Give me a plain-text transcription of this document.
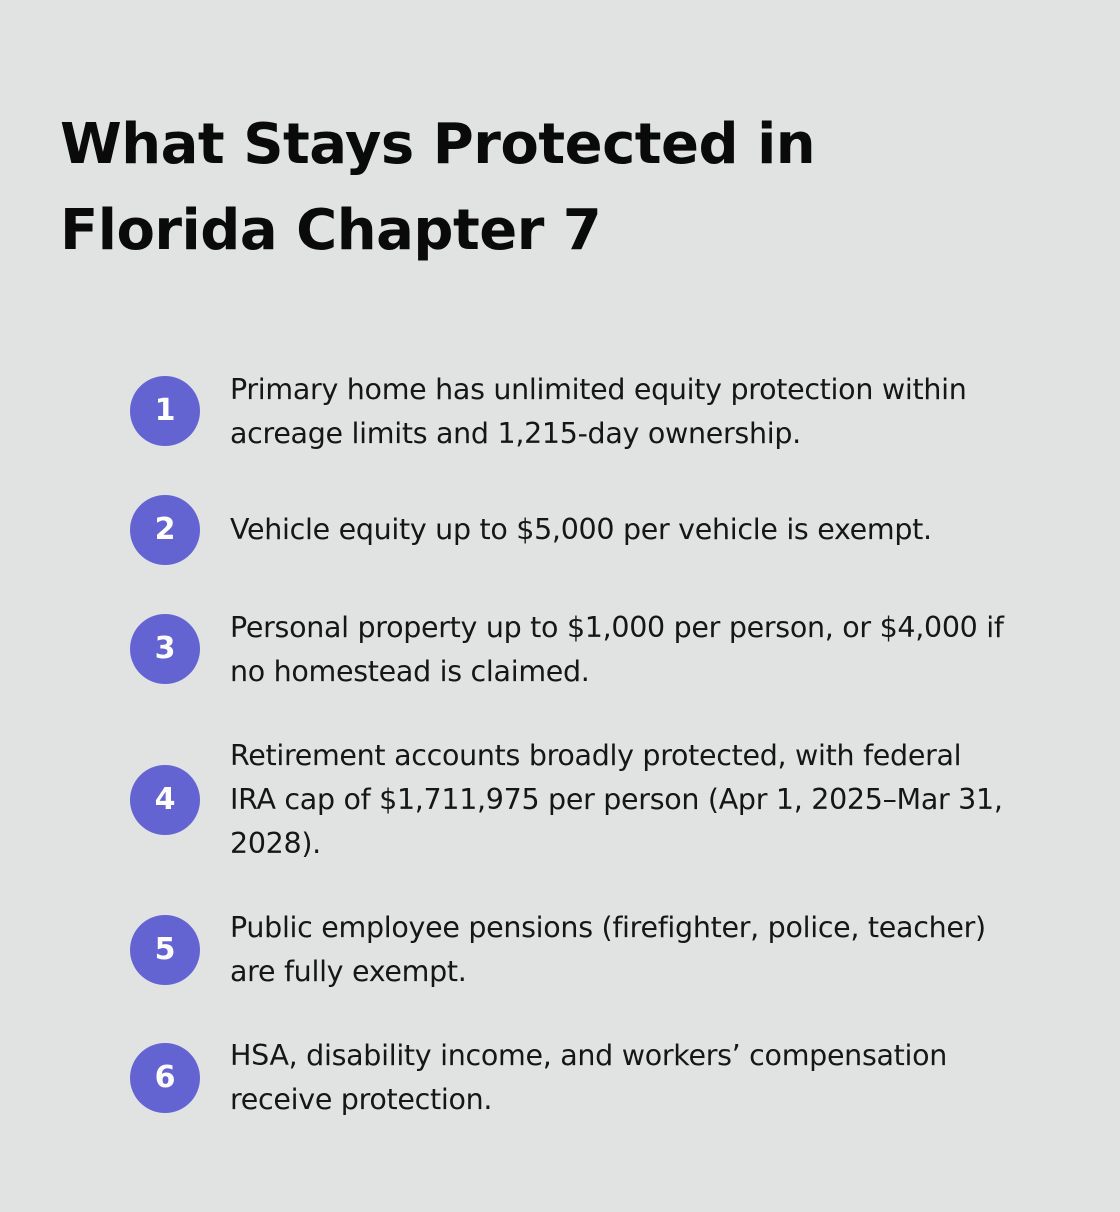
What Stays Protected in
Florida Chapter 7
1
Primary home has unlimited equity protection within
acreage limits and 1,215-day ownership.
2	Vehicle equity up to $5,000 per vehicle is exempt.
3
Personal property up to $1,000 per person, or $4,000 if
no homestead is claimed.
4
Retirement accounts broadly protected, with federal
IRA cap of $1,711,975 per person (Apr 1, 2025–Mar 31,
2028).
5
Public employee pensions (firefighter, police, teacher)
are fully exempt.
6
HSA, disability income, and workers’ compensation
receive protection.
